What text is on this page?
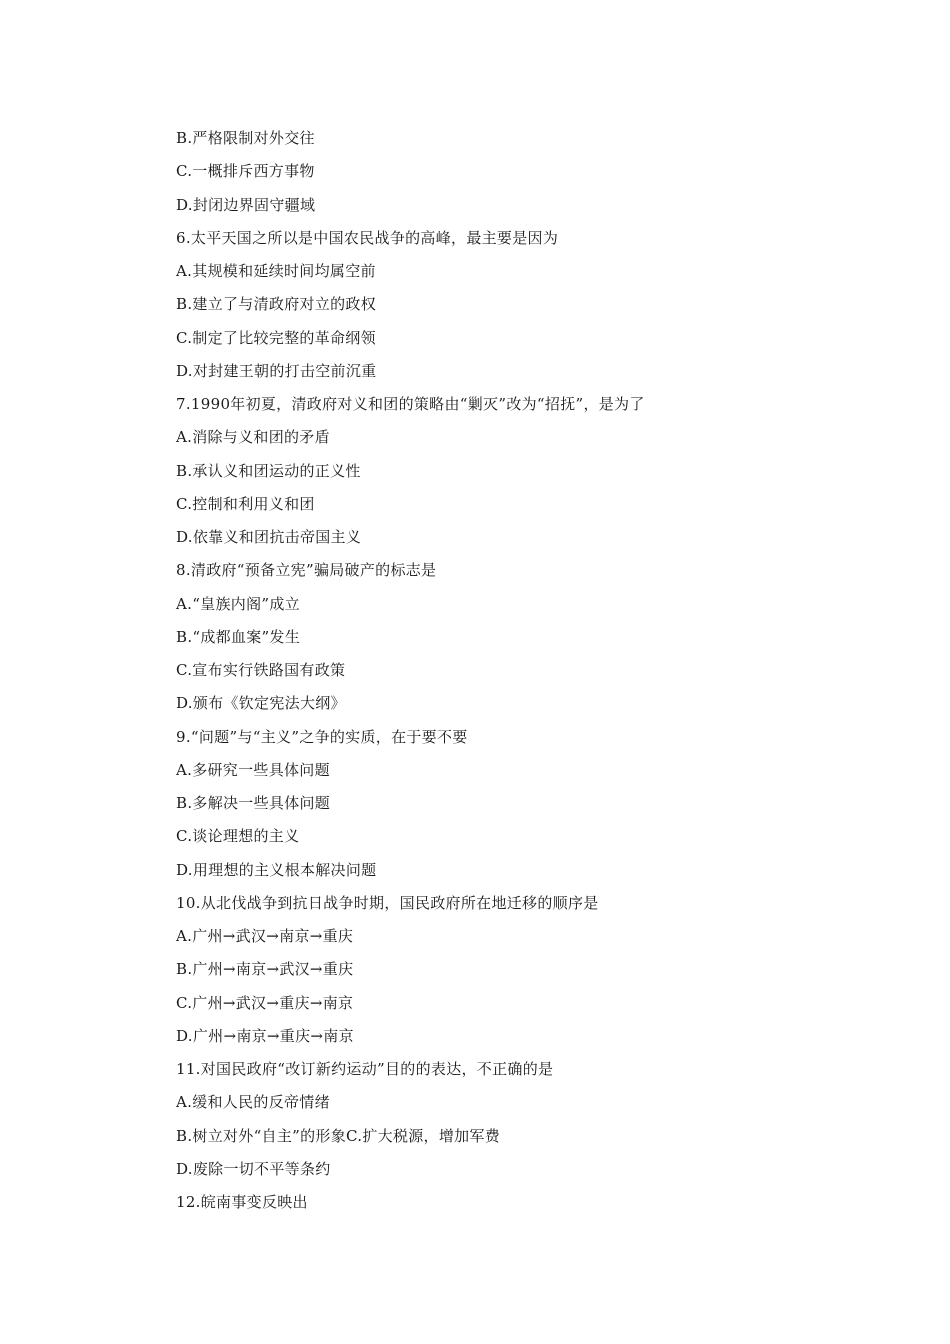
B.严格限制对外交往
C.一概排斥西方事物
D.封闭边界固守疆域
6.太平天国之所以是中国农民战争的高峰，最主要是因为
A.其规模和延续时间均属空前
B.建立了与清政府对立的政权
C.制定了比较完整的革命纲领
D.对封建王朝的打击空前沉重
7.1990年初夏，清政府对义和团的策略由“剿灭”改为“招抚”，是为了
A.消除与义和团的矛盾
B.承认义和团运动的正义性
C.控制和利用义和团
D.依靠义和团抗击帝国主义
8.清政府“预备立宪”骗局破产的标志是
A.“皇族内阁”成立
B.“成都血案”发生
C.宣布实行铁路国有政策
D.颁布《钦定宪法大纲》
9.“问题”与“主义”之争的实质，在于要不要
A.多研究一些具体问题
B.多解决一些具体问题
C.谈论理想的主义
D.用理想的主义根本解决问题
10.从北伐战争到抗日战争时期，国民政府所在地迁移的顺序是
A.广州→武汉→南京→重庆
B.广州→南京→武汉→重庆
C.广州→武汉→重庆→南京
D.广州→南京→重庆→南京
11.对国民政府“改订新约运动”目的的表达，不正确的是
A.缓和人民的反帝情绪
B.树立对外“自主”的形象C.扩大税源，增加军费
D.废除一切不平等条约
12.皖南事变反映出
